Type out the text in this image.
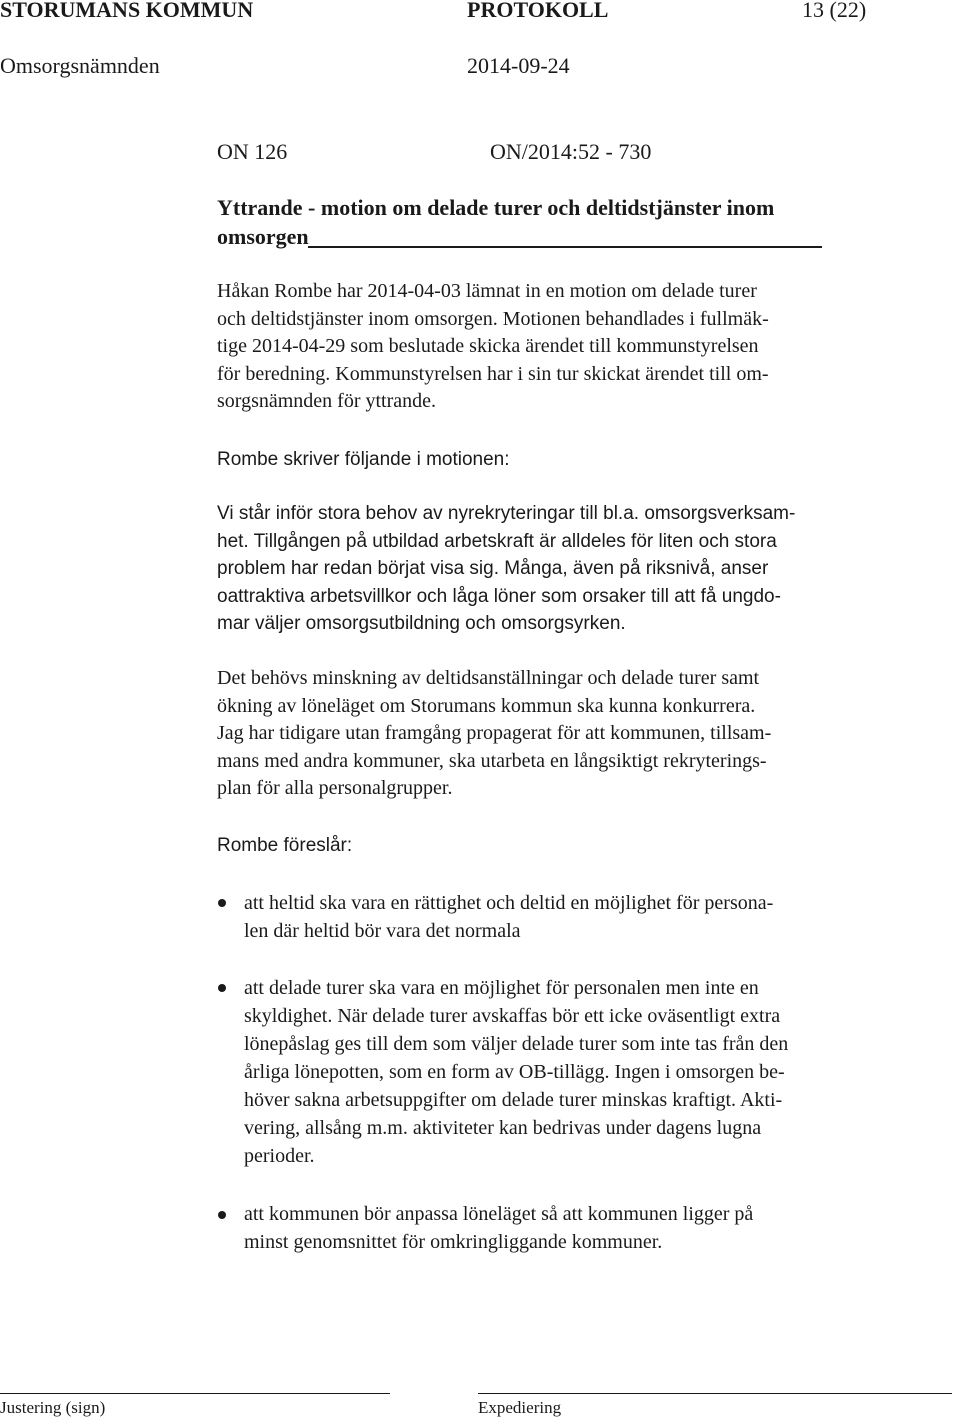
STORUMANS KOMMUN	PROTOKOLL	13 (22)
Omsorgsnämnden	2014-09-24
ON 126	ON/2014:52 - 730
Yttrande - motion om delade turer och deltidstjänster inom
omsorgen
Håkan Rombe har 2014-04-03 lämnat in en motion om delade turer
och deltidstjänster inom omsorgen. Motionen behandlades i fullmäk-
tige 2014-04-29 som beslutade skicka ärendet till kommunstyrelsen
för beredning. Kommunstyrelsen har i sin tur skickat ärendet till om-
sorgsnämnden för yttrande.
Rombe skriver följande i motionen:
Vi står inför stora behov av nyrekryteringar till bl.a. omsorgsverksam-
het. Tillgången på utbildad arbetskraft är alldeles för liten och stora
problem har redan börjat visa sig. Många, även på riksnivå, anser
oattraktiva arbetsvillkor och låga löner som orsaker till att få ungdo-
mar väljer omsorgsutbildning och omsorgsyrken.
Det behövs minskning av deltidsanställningar och delade turer samt
ökning av löneläget om Storumans kommun ska kunna konkurrera.
Jag har tidigare utan framgång propagerat för att kommunen, tillsam-
mans med andra kommuner, ska utarbeta en långsiktigt rekryterings-
plan för alla personalgrupper.
Rombe föreslår:
att heltid ska vara en rättighet och deltid en möjlighet för persona-
len där heltid bör vara det normala
att delade turer ska vara en möjlighet för personalen men inte en
skyldighet. När delade turer avskaffas bör ett icke oväsentligt extra
lönepåslag ges till dem som väljer delade turer som inte tas från den
årliga lönepotten, som en form av OB-tillägg. Ingen i omsorgen be-
höver sakna arbetsuppgifter om delade turer minskas kraftigt. Akti-
vering, allsång m.m. aktiviteter kan bedrivas under dagens lugna
perioder.
att kommunen bör anpassa löneläget så att kommunen ligger på
minst genomsnittet för omkringliggande kommuner.
Justering (sign)	Expediering
